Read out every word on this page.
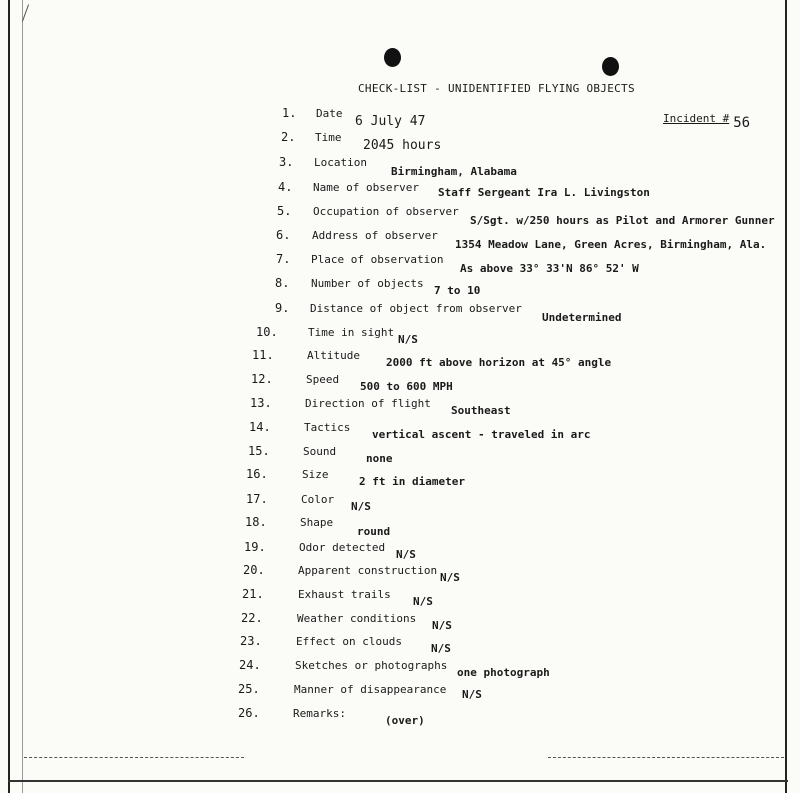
CHECK-LIST - UNIDENTIFIED FLYING OBJECTS
Incident # 56
1. Date
6 July 47
2. Time
2045 hours
3. Location
Birmingham, Alabama
4. Name of observer Staff Sergeant Ira L. Livingston
5. Occupation of observer
S/Sgt. w/250 hours as Pilot and Armorer Gunner
6. Address of observer
1354 Meadow Lane, Green Acres, Birmingham, Ala.
7. Place of observation
As above 33° 33'N 86° 52' W
8. Number of objects
7 to 10
9. Distance of object from observer
Undetermined
10.	Time in sight
N/S
11.	Altitude
2000 ft above horizon at 45° angle
12.	Speed
500 to 600 MPH
13.	Direction of flight
Southeast
14.	Tactics
vertical ascent - traveled in arc
15.	Sound
none
16.	Size
2 ft in diameter
17.	Color
N/S
18.	Shape
round
19.	Odor detected
N/S
20.	Apparent construction
N/S
21.	Exhaust trails
N/S
22.	Weather conditions
N/S
23.	Effect on clouds
N/S
24.	Sketches or photographs
one photograph
25.	Manner of disappearance N/S
26.	Remarks:
(over)
